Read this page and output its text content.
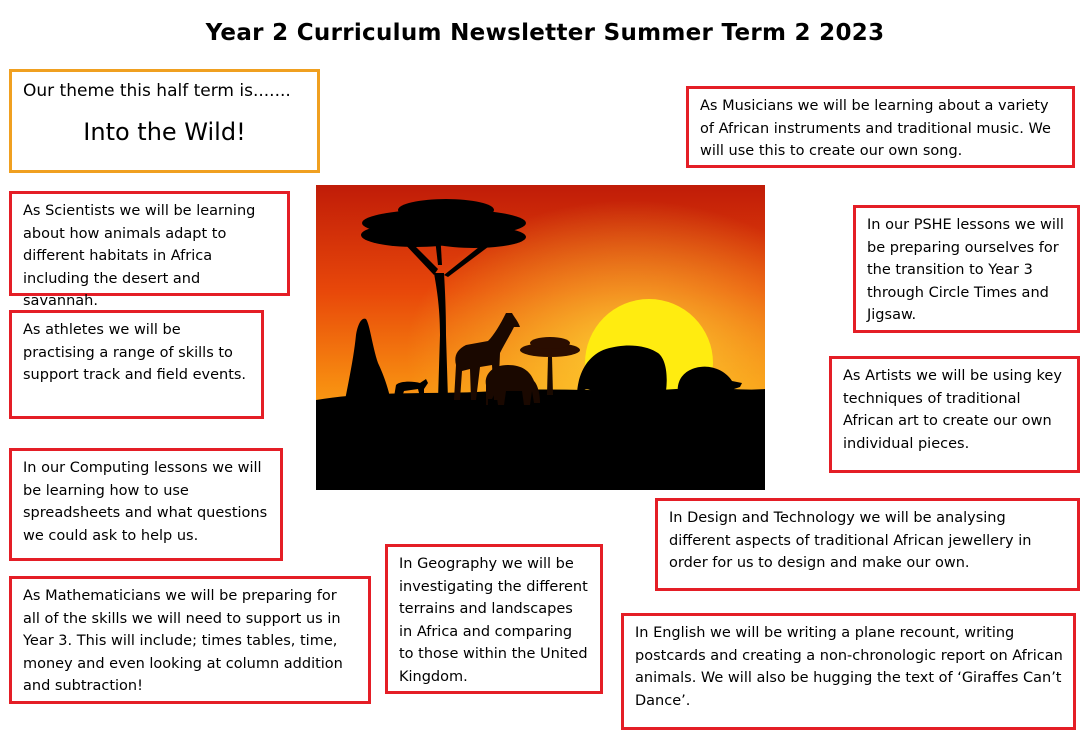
Year 2 Curriculum Newsletter Summer Term 2 2023
Our theme this half term is.......
Into the Wild!
As Scientists we will be learning about how animals adapt to different habitats in Africa including the desert and savannah.
As athletes we will be practising a range of skills to support track and field events.
In our Computing lessons we will be learning how to use spreadsheets and what questions we could ask to help us.
As Mathematicians we will be preparing for all of the skills we will need to support us in Year 3. This will include; times tables, time, money and even looking at column addition and subtraction!
In Geography we will be investigating the different terrains and landscapes in Africa and comparing to those within the United Kingdom.
As Musicians we will be learning about a variety of African instruments and traditional music. We will use this to create our own song.
In our PSHE lessons we will be preparing ourselves for the transition to Year 3 through Circle Times and Jigsaw.
As Artists we will be using key techniques of traditional African art to create our own individual pieces.
In Design and Technology we will be analysing different aspects of traditional African jewellery in order for us to design and make our own.
In English we will be writing a plane recount, writing postcards and creating a non-chronologic report on African animals. We will also be hugging the text of ‘Giraffes Can’t Dance’.
